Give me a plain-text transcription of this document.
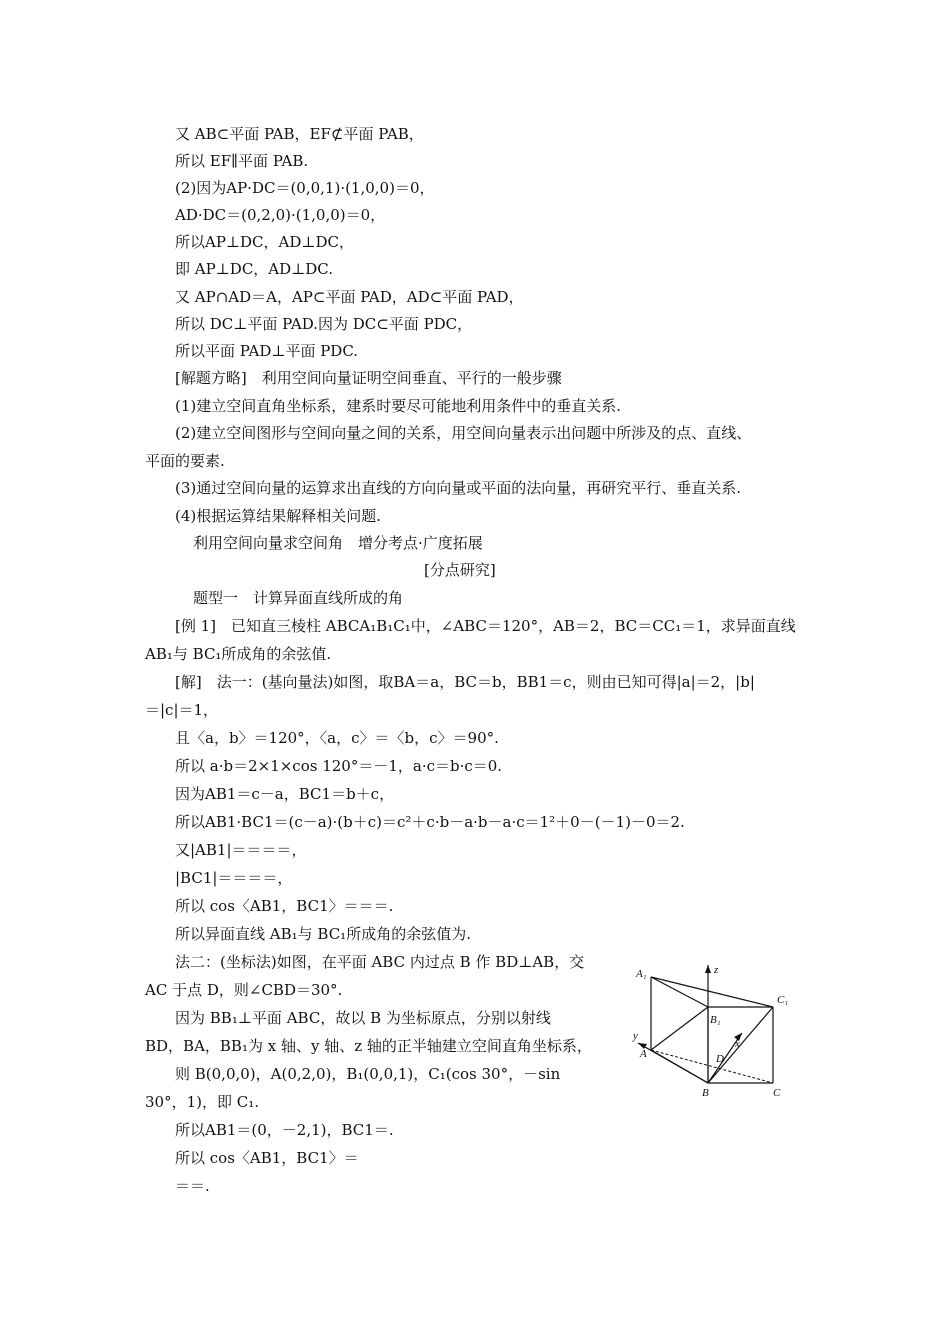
又 AB⊂平面 PAB，EF⊄平面 PAB，
所以 EF∥平面 PAB.
(2)因为AP·DC＝(0,0,1)·(1,0,0)＝0，
AD·DC＝(0,2,0)·(1,0,0)＝0，
所以AP⊥DC，AD⊥DC，
即 AP⊥DC，AD⊥DC.
又 AP∩AD＝A，AP⊂平面 PAD，AD⊂平面 PAD，
所以 DC⊥平面 PAD.因为 DC⊂平面 PDC，
所以平面 PAD⊥平面 PDC.
[解题方略]　利用空间向量证明空间垂直、平行的一般步骤
(1)建立空间直角坐标系，建系时要尽可能地利用条件中的垂直关系.
(2)建立空间图形与空间向量之间的关系，用空间向量表示出问题中所涉及的点、直线、
平面的要素.
(3)通过空间向量的运算求出直线的方向向量或平面的法向量，再研究平行、垂直关系.
(4)根据运算结果解释相关问题.
利用空间向量求空间角　增分考点·广度拓展
[分点研究]
题型一　计算异面直线所成的角
[例 1]　已知直三棱柱 ABCA₁B₁C₁中，∠ABC＝120°，AB＝2，BC＝CC₁＝1，求异面直线
AB₁与 BC₁所成角的余弦值.
[解]　法一：(基向量法)如图，取BA＝a，BC＝b，BB1＝c，则由已知可得|a|＝2，|b|
＝|c|＝1，
且〈a，b〉＝120°，〈a，c〉＝〈b，c〉＝90°.
所以 a·b＝2×1×cos 120°＝－1，a·c＝b·c＝0.
因为AB1＝c－a，BC1＝b＋c，
所以AB1·BC1＝(c－a)·(b＋c)＝c²＋c·b－a·b－a·c＝1²＋0－(－1)－0＝2.
又|AB1|＝＝＝＝，
|BC1|＝＝＝＝，
所以 cos〈AB1，BC1〉＝＝＝.
所以异面直线 AB₁与 BC₁所成角的余弦值为.
法二：(坐标法)如图，在平面 ABC 内过点 B 作 BD⊥AB，交
AC 于点 D，则∠CBD＝30°.
因为 BB₁⊥平面 ABC，故以 B 为坐标原点，分别以射线
BD，BA，BB₁为 x 轴、y 轴、z 轴的正半轴建立空间直角坐标系，
则 B(0,0,0)，A(0,2,0)，B₁(0,0,1)，C₁(cos 30°，－sin
30°，1)，即 C₁.
所以AB1＝(0，－2,1)，BC1＝.
所以 cos〈AB1，BC1〉＝
＝＝.
A₁	z
C₁
B₁
y
A	D
x
B	C
